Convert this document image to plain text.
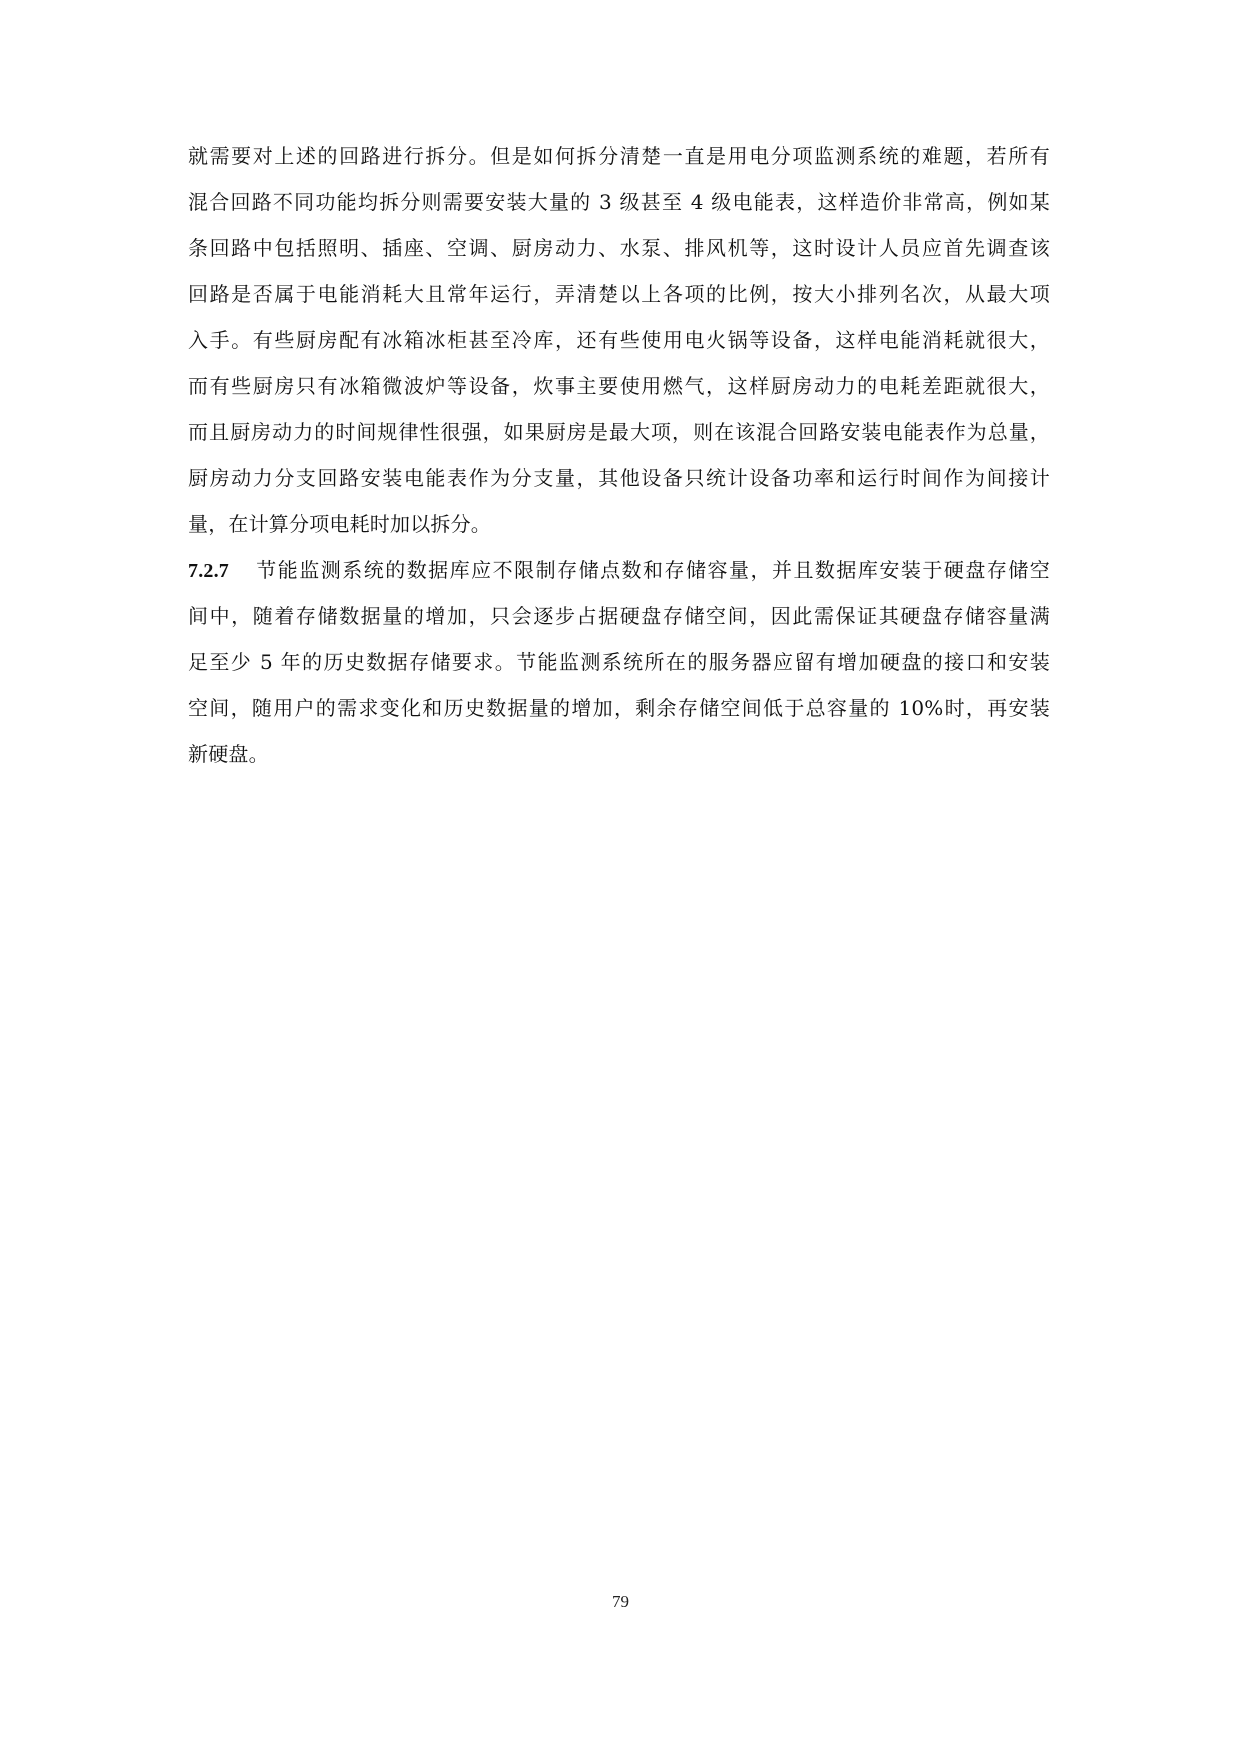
就需要对上述的回路进行拆分。但是如何拆分清楚一直是用电分项监测系统的难题，若所有
混合回路不同功能均拆分则需要安装大量的 3 级甚至 4 级电能表，这样造价非常高，例如某
条回路中包括照明、插座、空调、厨房动力、水泵、排风机等，这时设计人员应首先调查该
回路是否属于电能消耗大且常年运行，弄清楚以上各项的比例，按大小排列名次，从最大项
入手。有些厨房配有冰箱冰柜甚至冷库，还有些使用电火锅等设备，这样电能消耗就很大，
而有些厨房只有冰箱微波炉等设备，炊事主要使用燃气，这样厨房动力的电耗差距就很大，
而且厨房动力的时间规律性很强，如果厨房是最大项，则在该混合回路安装电能表作为总量，
厨房动力分支回路安装电能表作为分支量，其他设备只统计设备功率和运行时间作为间接计
量，在计算分项电耗时加以拆分。
7.2.7 节能监测系统的数据库应不限制存储点数和存储容量，并且数据库安装于硬盘存储空
间中，随着存储数据量的增加，只会逐步占据硬盘存储空间，因此需保证其硬盘存储容量满
足至少 5 年的历史数据存储要求。节能监测系统所在的服务器应留有增加硬盘的接口和安装
空间，随用户的需求变化和历史数据量的增加，剩余存储空间低于总容量的 10%时，再安装
新硬盘。
79
